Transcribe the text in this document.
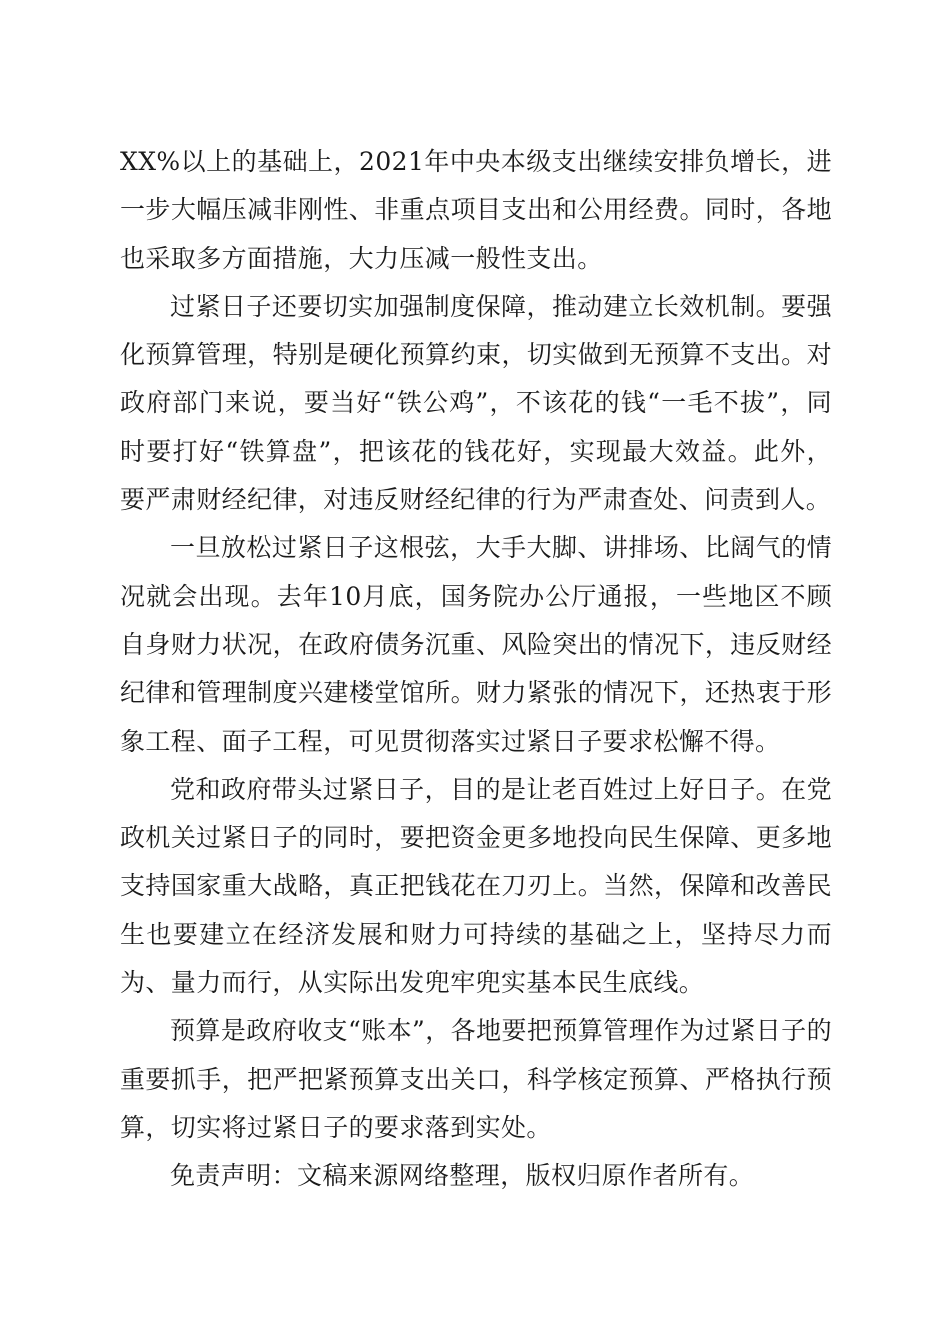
XX%以上的基础上，2021年中央本级支出继续安排负增长，进一步大幅压减非刚性、非重点项目支出和公用经费。同时，各地也采取多方面措施，大力压减一般性支出。

过紧日子还要切实加强制度保障，推动建立长效机制。要强化预算管理，特别是硬化预算约束，切实做到无预算不支出。对政府部门来说，要当好“铁公鸡”，不该花的钱“一毛不拔”，同时要打好“铁算盘”，把该花的钱花好，实现最大效益。此外，要严肃财经纪律，对违反财经纪律的行为严肃查处、问责到人。

一旦放松过紧日子这根弦，大手大脚、讲排场、比阔气的情况就会出现。去年10月底，国务院办公厅通报，一些地区不顾自身财力状况，在政府债务沉重、风险突出的情况下，违反财经纪律和管理制度兴建楼堂馆所。财力紧张的情况下，还热衷于形象工程、面子工程，可见贯彻落实过紧日子要求松懈不得。

党和政府带头过紧日子，目的是让老百姓过上好日子。在党政机关过紧日子的同时，要把资金更多地投向民生保障、更多地支持国家重大战略，真正把钱花在刀刃上。当然，保障和改善民生也要建立在经济发展和财力可持续的基础之上，坚持尽力而为、量力而行，从实际出发兜牢兜实基本民生底线。

预算是政府收支“账本”，各地要把预算管理作为过紧日子的重要抓手，把严把紧预算支出关口，科学核定预算、严格执行预算，切实将过紧日子的要求落到实处。

免责声明：文稿来源网络整理，版权归原作者所有。
